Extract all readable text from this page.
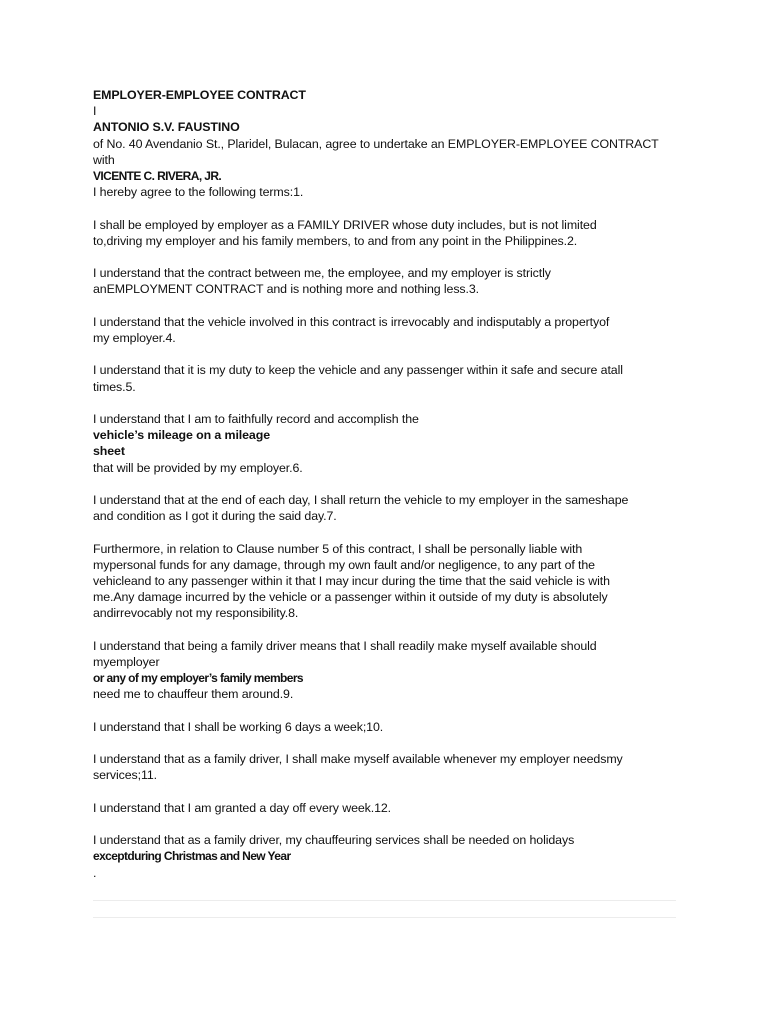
EMPLOYER-EMPLOYEE CONTRACT
I
ANTONIO S.V. FAUSTINO
of No. 40 Avendanio St., Plaridel, Bulacan, agree to undertake an EMPLOYER-EMPLOYEE CONTRACT
with
VICENTE C. RIVERA, JR.
I hereby agree to the following terms:1.
I shall be employed by employer as a FAMILY DRIVER whose duty includes, but is not limited
to,driving my employer and his family members, to and from any point in the Philippines.2.
I understand that the contract between me, the employee, and my employer is strictly
anEMPLOYMENT CONTRACT and is nothing more and nothing less.3.
I understand that the vehicle involved in this contract is irrevocably and indisputably a propertyof
my employer.4.
I understand that it is my duty to keep the vehicle and any passenger within it safe and secure atall
times.5.
I understand that I am to faithfully record and accomplish the
vehicle’s mileage on a mileage
sheet
that will be provided by my employer.6.
I understand that at the end of each day, I shall return the vehicle to my employer in the sameshape
and condition as I got it during the said day.7.
Furthermore, in relation to Clause number 5 of this contract, I shall be personally liable with
mypersonal funds for any damage, through my own fault and/or negligence, to any part of the
vehicleand to any passenger within it that I may incur during the time that the said vehicle is with
me.Any damage incurred by the vehicle or a passenger within it outside of my duty is absolutely
andirrevocably not my responsibility.8.
I understand that being a family driver means that I shall readily make myself available should
myemployer
or any of my employer’s family members
need me to chauffeur them around.9.
I understand that I shall be working 6 days a week;10.
I understand that as a family driver, I shall make myself available whenever my employer needsmy
services;11.
I understand that I am granted a day off every week.12.
I understand that as a family driver, my chauffeuring services shall be needed on holidays
exceptduring Christmas and New Year
.
